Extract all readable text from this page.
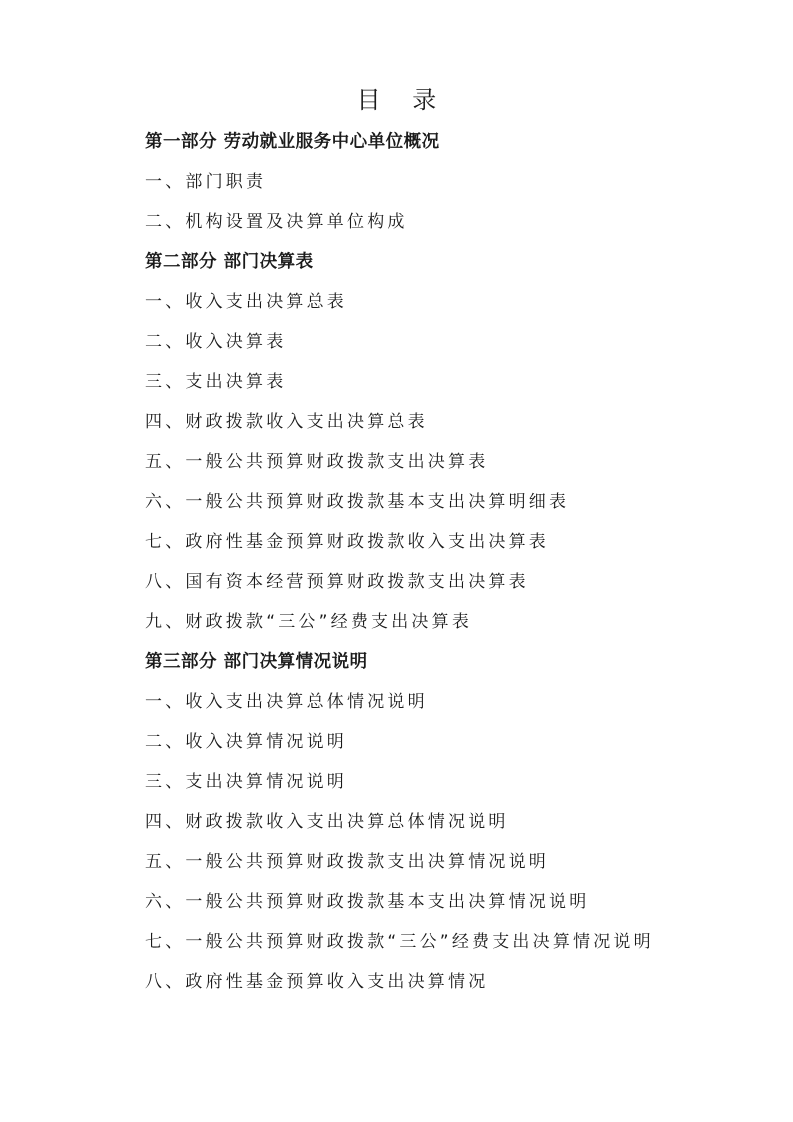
目 录
第一部分 劳动就业服务中心单位概况
一、部门职责
二、机构设置及决算单位构成
第二部分 部门决算表
一、收入支出决算总表
二、收入决算表
三、支出决算表
四、财政拨款收入支出决算总表
五、一般公共预算财政拨款支出决算表
六、一般公共预算财政拨款基本支出决算明细表
七、政府性基金预算财政拨款收入支出决算表
八、国有资本经营预算财政拨款支出决算表
九、财政拨款“三公”经费支出决算表
第三部分 部门决算情况说明
一、收入支出决算总体情况说明
二、收入决算情况说明
三、支出决算情况说明
四、财政拨款收入支出决算总体情况说明
五、一般公共预算财政拨款支出决算情况说明
六、一般公共预算财政拨款基本支出决算情况说明
七、一般公共预算财政拨款“三公”经费支出决算情况说明
八、政府性基金预算收入支出决算情况
